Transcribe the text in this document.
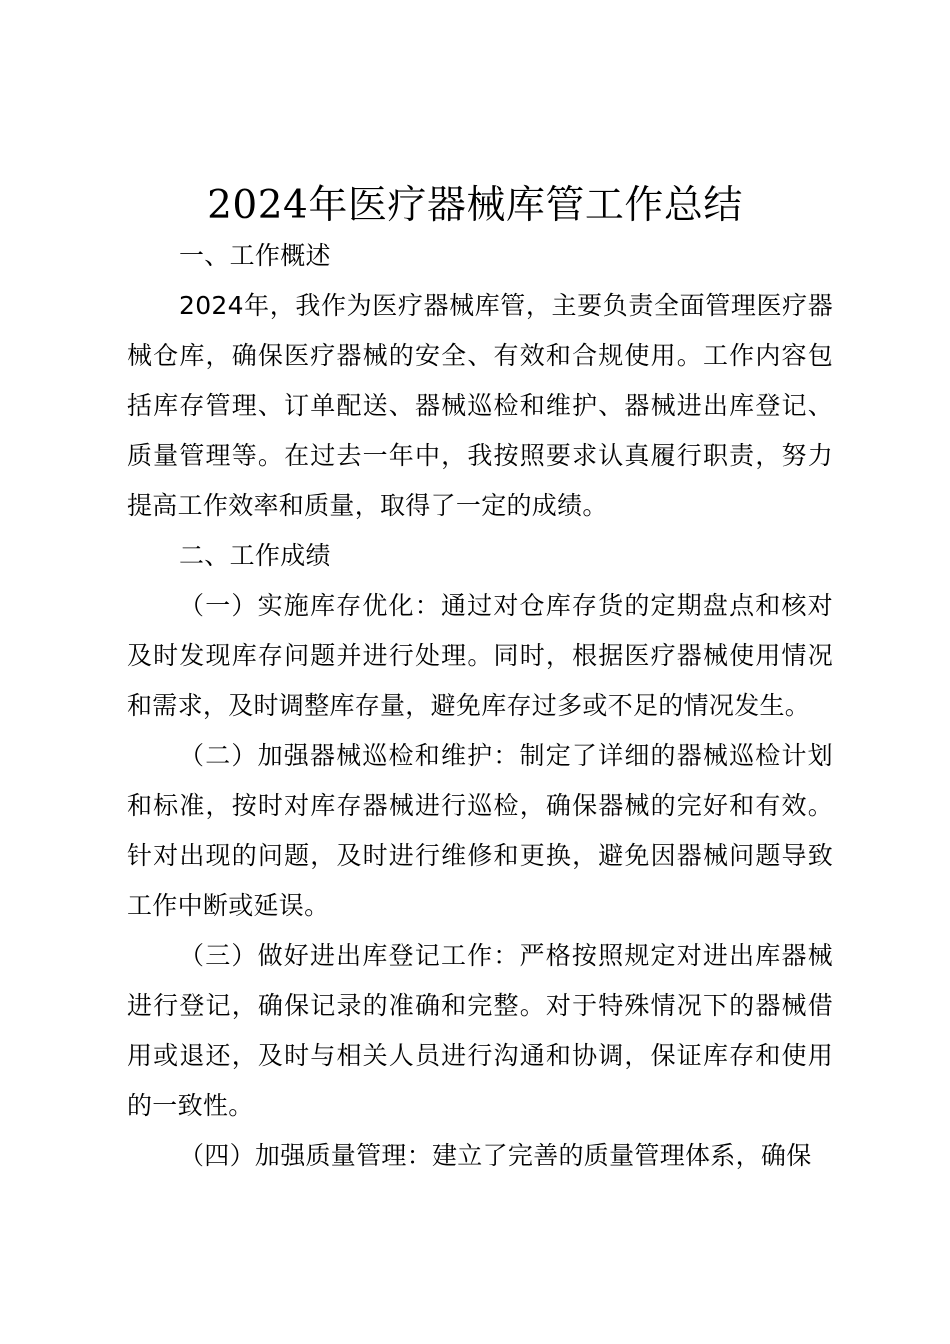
2024年医疗器械库管工作总结

一、工作概述

2024年，我作为医疗器械库管，主要负责全面管理医疗器械仓库，确保医疗器械的安全、有效和合规使用。工作内容包括库存管理、订单配送、器械巡检和维护、器械进出库登记、质量管理等。在过去一年中，我按照要求认真履行职责，努力提高工作效率和质量，取得了一定的成绩。

二、工作成绩

（一）实施库存优化：通过对仓库存货的定期盘点和核对及时发现库存问题并进行处理。同时，根据医疗器械使用情况和需求，及时调整库存量，避免库存过多或不足的情况发生。

（二）加强器械巡检和维护：制定了详细的器械巡检计划和标准，按时对库存器械进行巡检，确保器械的完好和有效。针对出现的问题，及时进行维修和更换，避免因器械问题导致工作中断或延误。

（三）做好进出库登记工作：严格按照规定对进出库器械进行登记，确保记录的准确和完整。对于特殊情况下的器械借用或退还，及时与相关人员进行沟通和协调，保证库存和使用的一致性。

（四）加强质量管理：建立了完善的质量管理体系，确保
